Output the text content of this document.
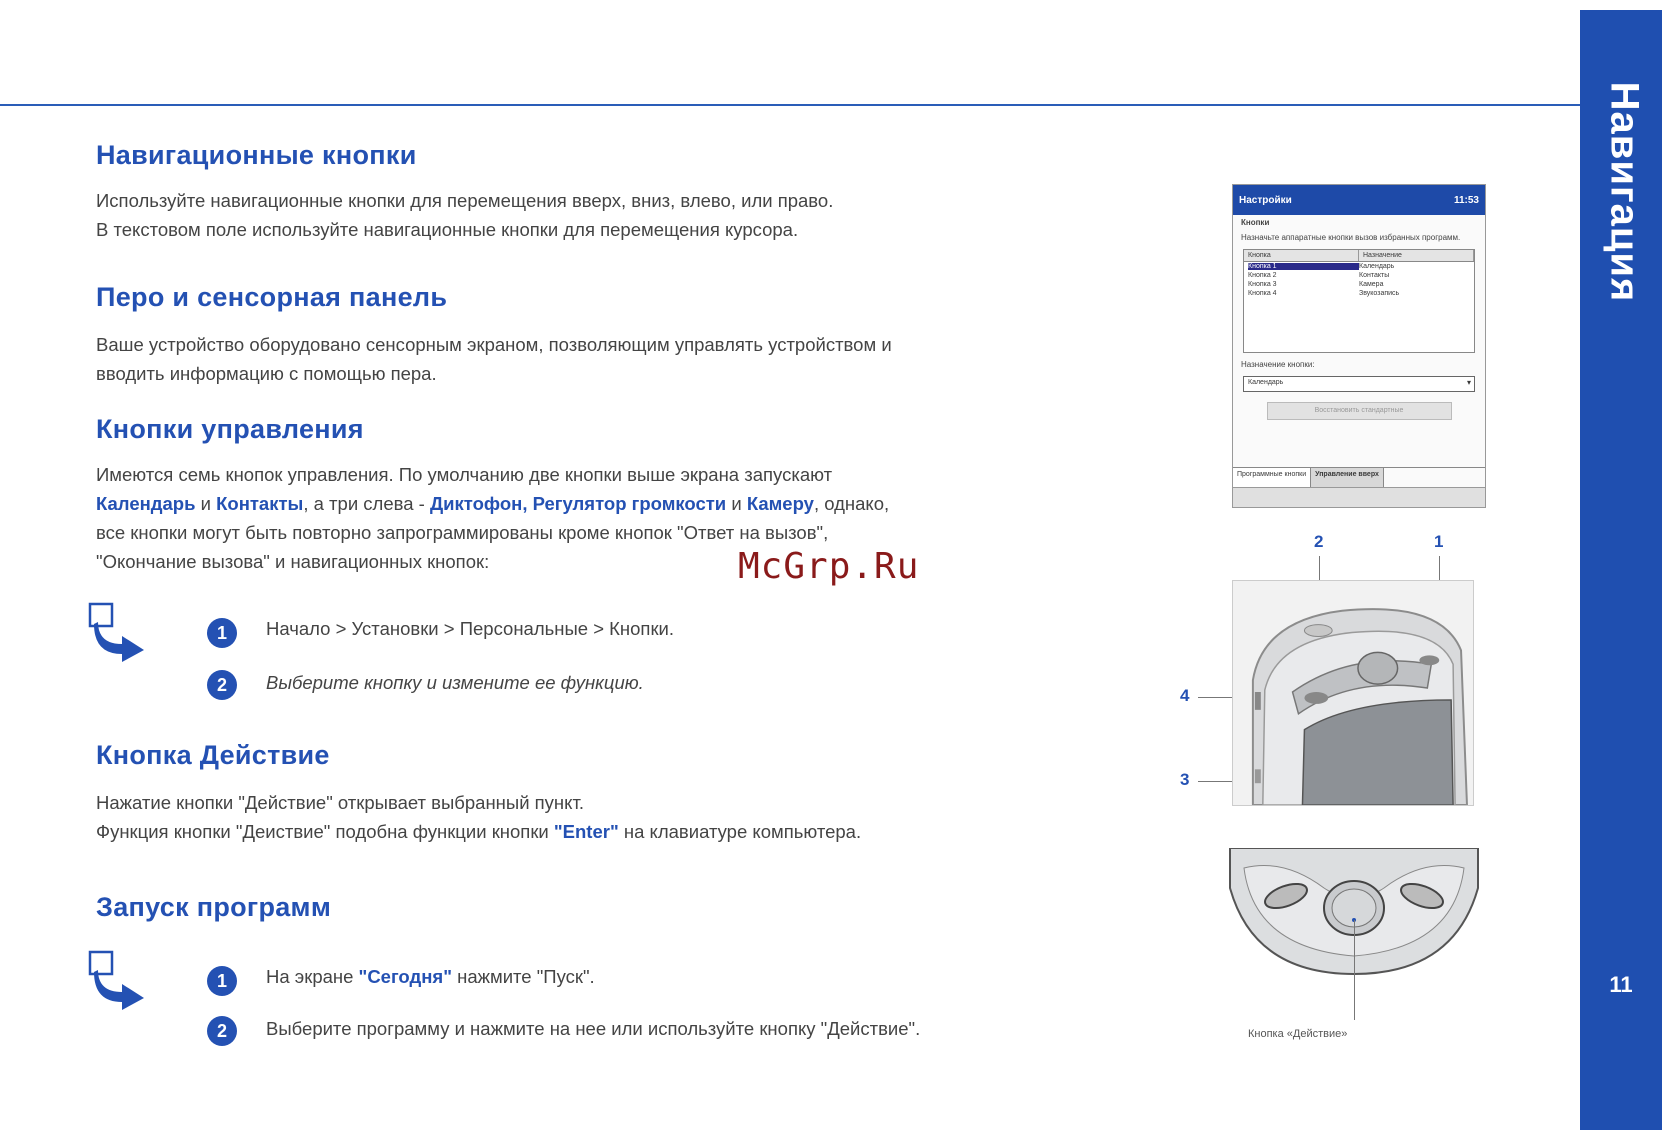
Навигация
11
Навигационные кнопки
Используйте навигационные кнопки для перемещения вверх, вниз, влево, или право.
В текстовом поле используйте навигационные кнопки для перемещения курсора.
Перо и сенсорная панель
Ваше устройство оборудовано сенсорным экраном, позволяющим управлять устройством и
вводить информацию с помощью пера.
Кнопки управления
Имеются семь кнопок управления. По умолчанию две кнопки выше экрана запускают
Календарь и Контакты, а три слева - Диктофон, Регулятор громкости и Камеру, однако,
все кнопки могут быть повторно запрограммированы кроме кнопок "Ответ на вызов",
"Окончание вызова" и навигационных кнопок:
1	Начало > Установки > Персональные > Кнопки.
2	Выберите кнопку и измените ее функцию.
Кнопка Действие
Нажатие кнопки "Действие" открывает выбранный пункт.
Функция кнопки "Деиствие" подобна функции кнопки "Enter" на клавиатуре компьютера.
Запуск программ
1	На экране "Сегодня" нажмите "Пуск".
2	Выберите программу и нажмите на нее или используйте кнопку "Действие".
McGrp.Ru
Настройки	11:53
Кнопки
Назначьте аппаратные кнопки вызов избранных программ.
Кнопка	Назначение
Кнопка 1	Календарь
Кнопка 2	Контакты
Кнопка 3	Камера
Кнопка 4	Звукозапись
Назначение кнопки:
Календарь ▾
Восстановить стандартные
Программные кнопки	Управление вверх
2	1
4
3
Кнопка «Действие»
